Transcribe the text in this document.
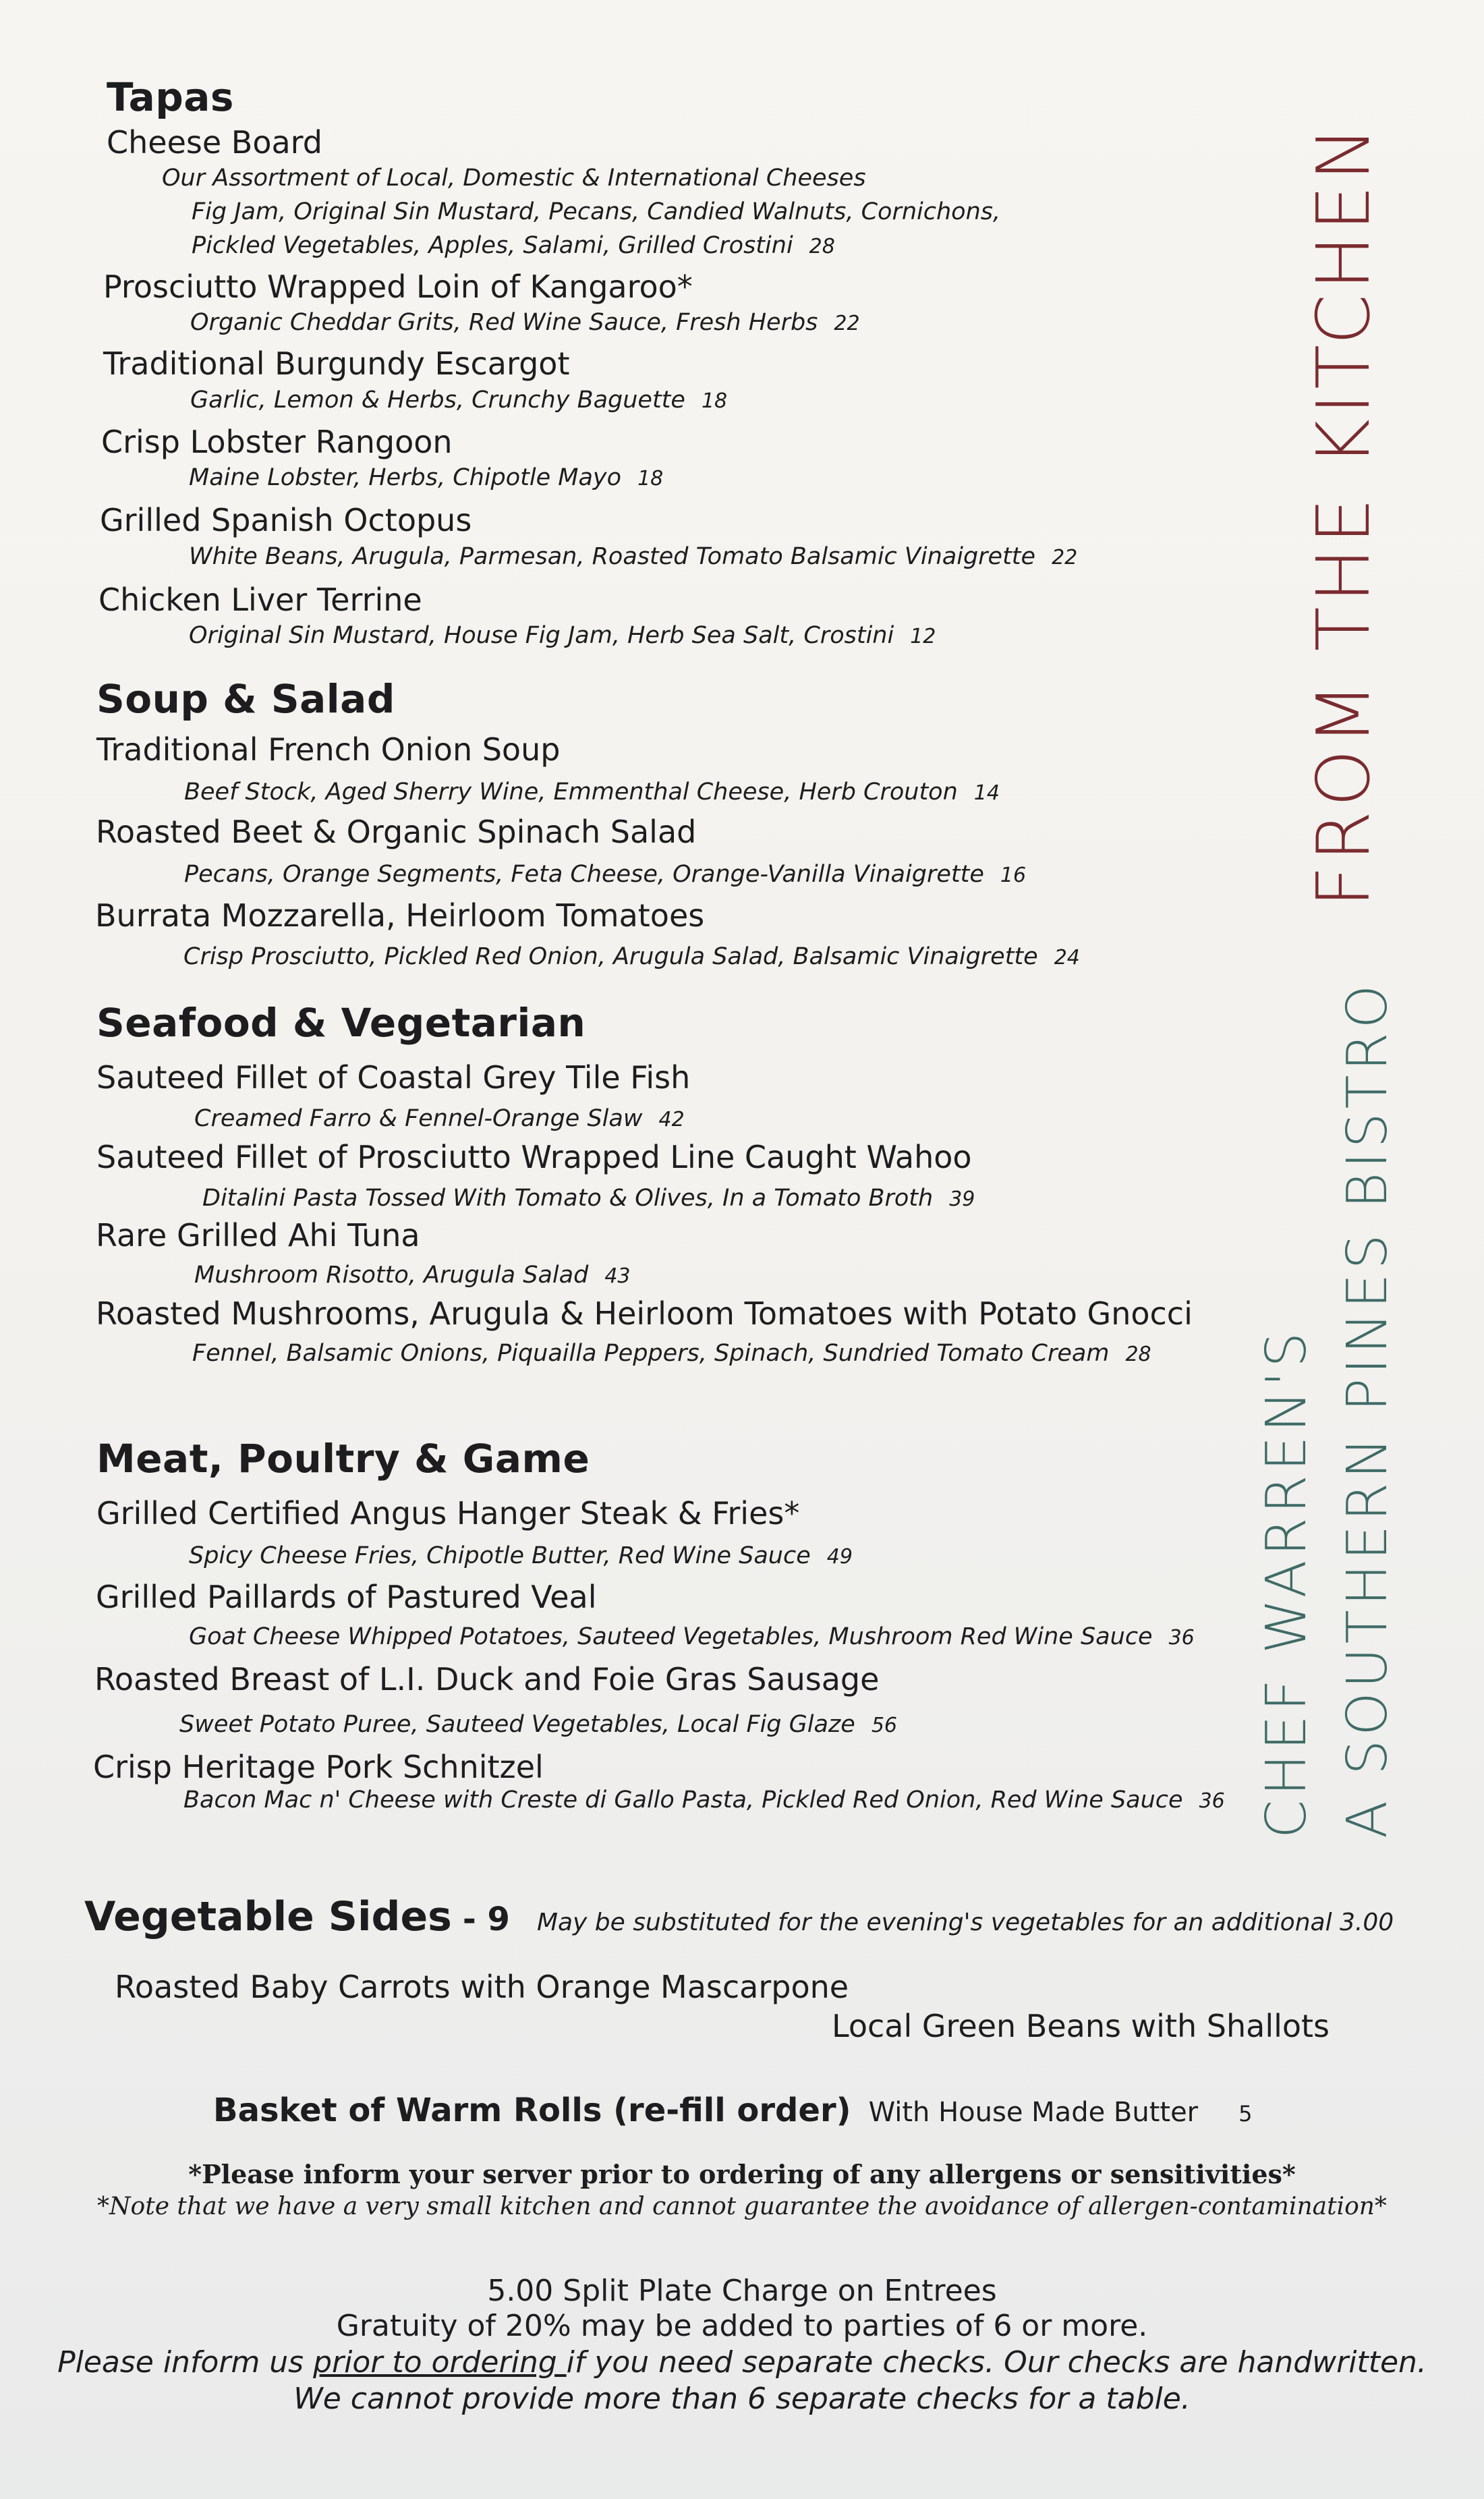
Tapas
Cheese Board
Our Assortment of Local, Domestic & International Cheeses
Fig Jam, Original Sin Mustard, Pecans, Candied Walnuts, Cornichons,
Pickled Vegetables, Apples, Salami, Grilled Crostini 28
Prosciutto Wrapped Loin of Kangaroo*
Organic Cheddar Grits, Red Wine Sauce, Fresh Herbs 22
Traditional Burgundy Escargot
Garlic, Lemon & Herbs, Crunchy Baguette 18
Crisp Lobster Rangoon
Maine Lobster, Herbs, Chipotle Mayo 18
Grilled Spanish Octopus
White Beans, Arugula, Parmesan, Roasted Tomato Balsamic Vinaigrette 22
Chicken Liver Terrine
Original Sin Mustard, House Fig Jam, Herb Sea Salt, Crostini 12
Soup & Salad
Traditional French Onion Soup
Beef Stock, Aged Sherry Wine, Emmenthal Cheese, Herb Crouton 14
Roasted Beet & Organic Spinach Salad
Pecans, Orange Segments, Feta Cheese, Orange-Vanilla Vinaigrette 16
Burrata Mozzarella, Heirloom Tomatoes
Crisp Prosciutto, Pickled Red Onion, Arugula Salad, Balsamic Vinaigrette 24
Seafood & Vegetarian
Sauteed Fillet of Coastal Grey Tile Fish
Creamed Farro & Fennel-Orange Slaw 42
Sauteed Fillet of Prosciutto Wrapped Line Caught Wahoo
Ditalini Pasta Tossed With Tomato & Olives, In a Tomato Broth 39
Rare Grilled Ahi Tuna
Mushroom Risotto, Arugula Salad 43
Roasted Mushrooms, Arugula & Heirloom Tomatoes with Potato Gnocci
Fennel, Balsamic Onions, Piquailla Peppers, Spinach, Sundried Tomato Cream 28
Meat, Poultry & Game
Grilled Certified Angus Hanger Steak & Fries*
Spicy Cheese Fries, Chipotle Butter, Red Wine Sauce 49
Grilled Paillards of Pastured Veal
Goat Cheese Whipped Potatoes, Sauteed Vegetables, Mushroom Red Wine Sauce 36
Roasted Breast of L.I. Duck and Foie Gras Sausage
Sweet Potato Puree, Sauteed Vegetables, Local Fig Glaze 56
Crisp Heritage Pork Schnitzel
Bacon Mac n' Cheese with Creste di Gallo Pasta, Pickled Red Onion, Red Wine Sauce 36
FROM THE KITCHEN
CHEF WARREN'S A SOUTHERN PINES BISTRO
Vegetable Sides - 9 May be substituted for the evening's vegetables for an additional 3.00
Roasted Baby Carrots with Orange Mascarpone
Local Green Beans with Shallots
Basket of Warm Rolls (re-fill order) With House Made Butter 5
*Please inform your server prior to ordering of any allergens or sensitivities*
*Note that we have a very small kitchen and cannot guarantee the avoidance of allergen-contamination*
5.00 Split Plate Charge on Entrees
Gratuity of 20% may be added to parties of 6 or more.
Please inform us prior to ordering if you need separate checks. Our checks are handwritten.
We cannot provide more than 6 separate checks for a table.
